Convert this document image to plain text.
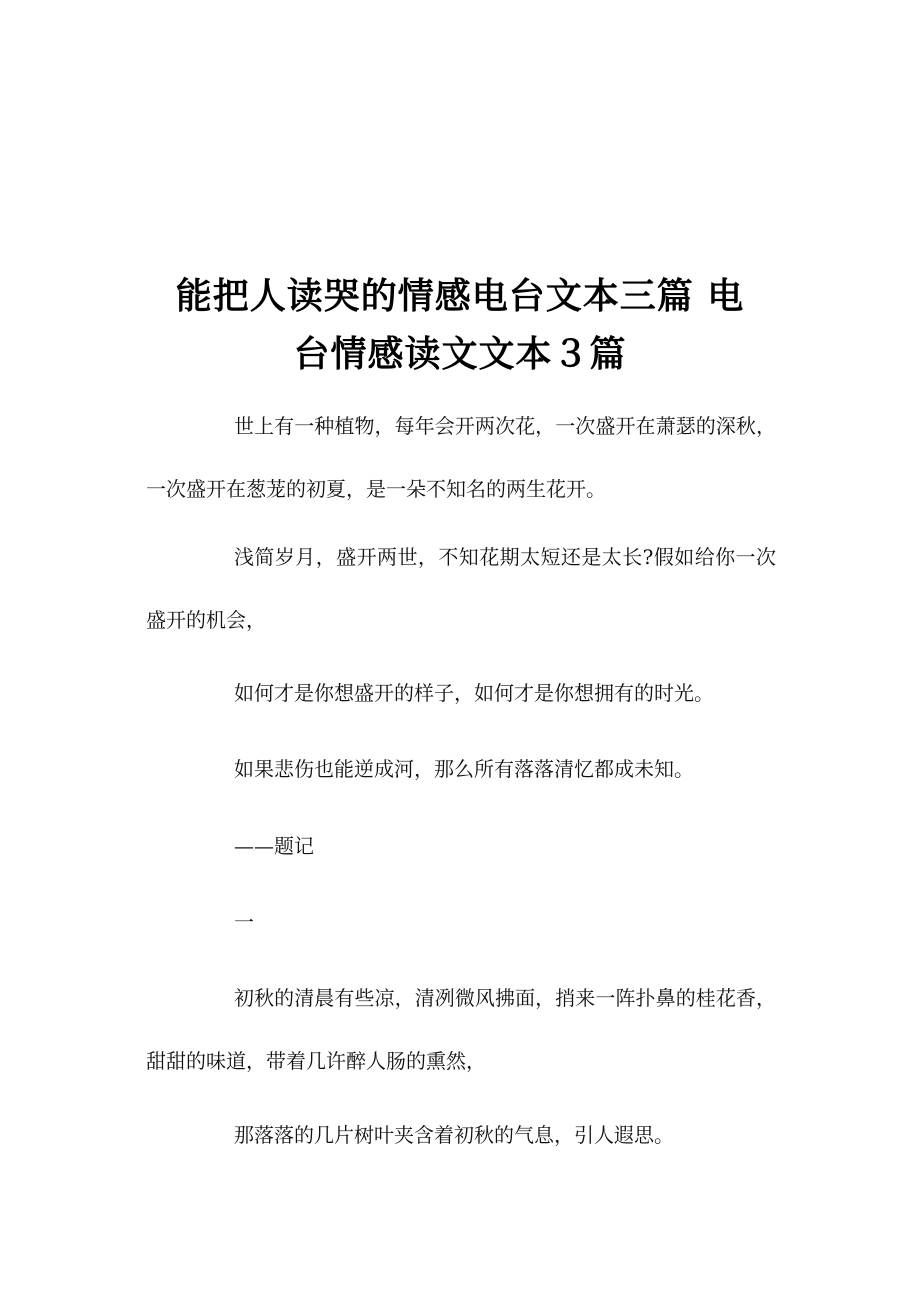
能把人读哭的情感电台文本三篇 电
台情感读文文本３篇

世上有一种植物，每年会开两次花，一次盛开在萧瑟的深秋，一次盛开在葱茏的初夏，是一朵不知名的两生花开。

浅简岁月，盛开两世，不知花期太短还是太长?假如给你一次盛开的机会，

如何才是你想盛开的样子，如何才是你想拥有的时光。

如果悲伤也能逆成河，那么所有落落清忆都成未知。

——题记

一

初秋的清晨有些凉，清冽微风拂面，捎来一阵扑鼻的桂花香，甜甜的味道，带着几许醉人肠的熏然，

那落落的几片树叶夹含着初秋的气息，引人遐思。
